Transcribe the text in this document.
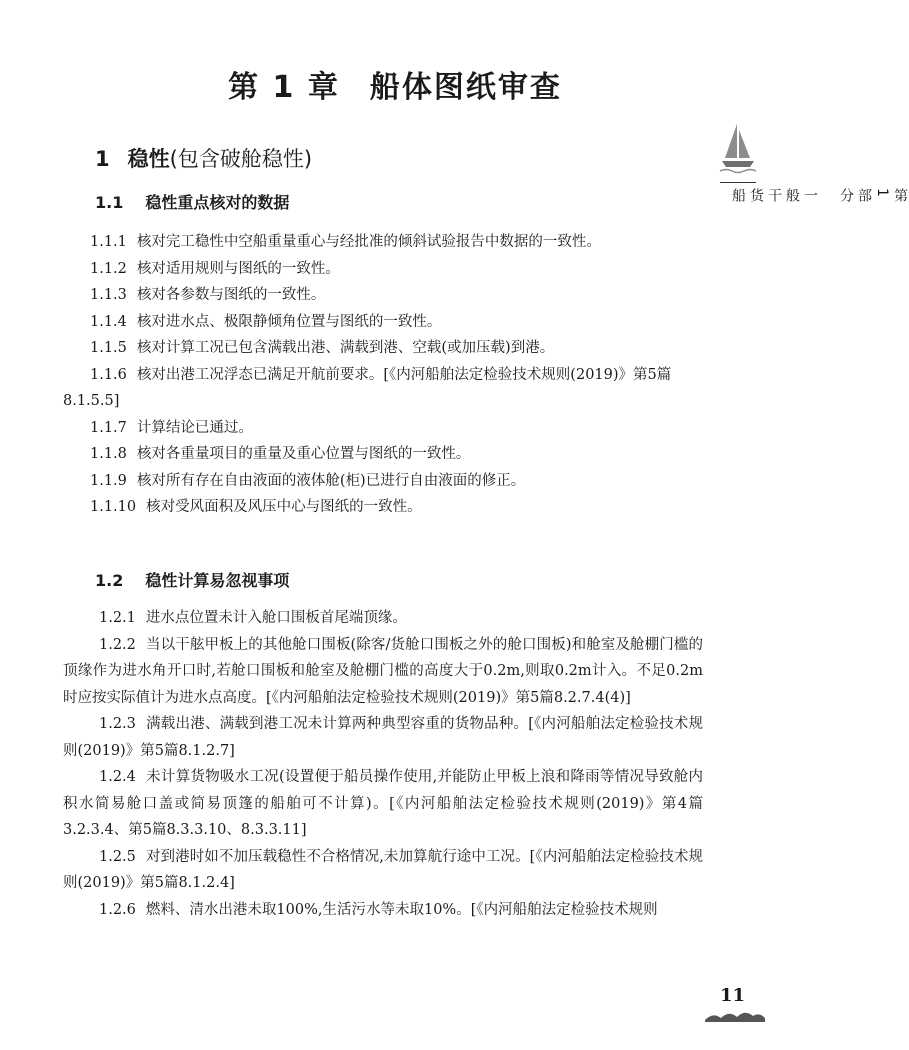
第 1 章 船体图纸审查
1 稳性(包含破舱稳性)
1.1 稳性重点核对的数据

1.1.1 核对完工稳性中空船重量重心与经批准的倾斜试验报告中数据的一致性。

1.1.2 核对适用规则与图纸的一致性。

1.1.3 核对各参数与图纸的一致性。

1.1.4 核对进水点、极限静倾角位置与图纸的一致性。

1.1.5 核对计算工况已包含满载出港、满载到港、空载(或加压载)到港。

1.1.6 核对出港工况浮态已满足开航前要求。[《内河船舶法定检验技术规则(2019)》第5篇8.1.5.5]

1.1.7 计算结论已通过。

1.1.8 核对各重量项目的重量及重心位置与图纸的一致性。

1.1.9 核对所有存在自由液面的液体舱(柜)已进行自由液面的修正。

1.1.10 核对受风面积及风压中心与图纸的一致性。

1.2 稳性计算易忽视事项

1.2.1 进水点位置未计入舱口围板首尾端顶缘。

1.2.2 当以干舷甲板上的其他舱口围板(除客/货舱口围板之外的舱口围板)和舱室及舱棚门槛的顶缘作为进水角开口时,若舱口围板和舱室及舱棚门槛的高度大于0.2m,则取0.2m计入。不足0.2m时应按实际值计为进水点高度。[《内河船舶法定检验技术规则(2019)》第5篇8.2.7.4(4)]

1.2.3 满载出港、满载到港工况未计算两种典型容重的货物品种。[《内河船舶法定检验技术规则(2019)》第5篇8.1.2.7]

1.2.4 未计算货物吸水工况(设置便于船员操作使用,并能防止甲板上浪和降雨等情况导致舱内积水简易舱口盖或简易顶篷的船舶可不计算)。[《内河船舶法定检验技术规则(2019)》第4篇3.2.3.4、第5篇8.3.3.10、8.3.3.11]

1.2.5 对到港时如不加压载稳性不合格情况,未加算航行途中工况。[《内河船舶法定检验技术规则(2019)》第5篇8.1.2.4]

1.2.6 燃料、清水出港未取100%,生活污水等未取10%。[《内河船舶法定检验技术规则

第1部分一般干货船
11
